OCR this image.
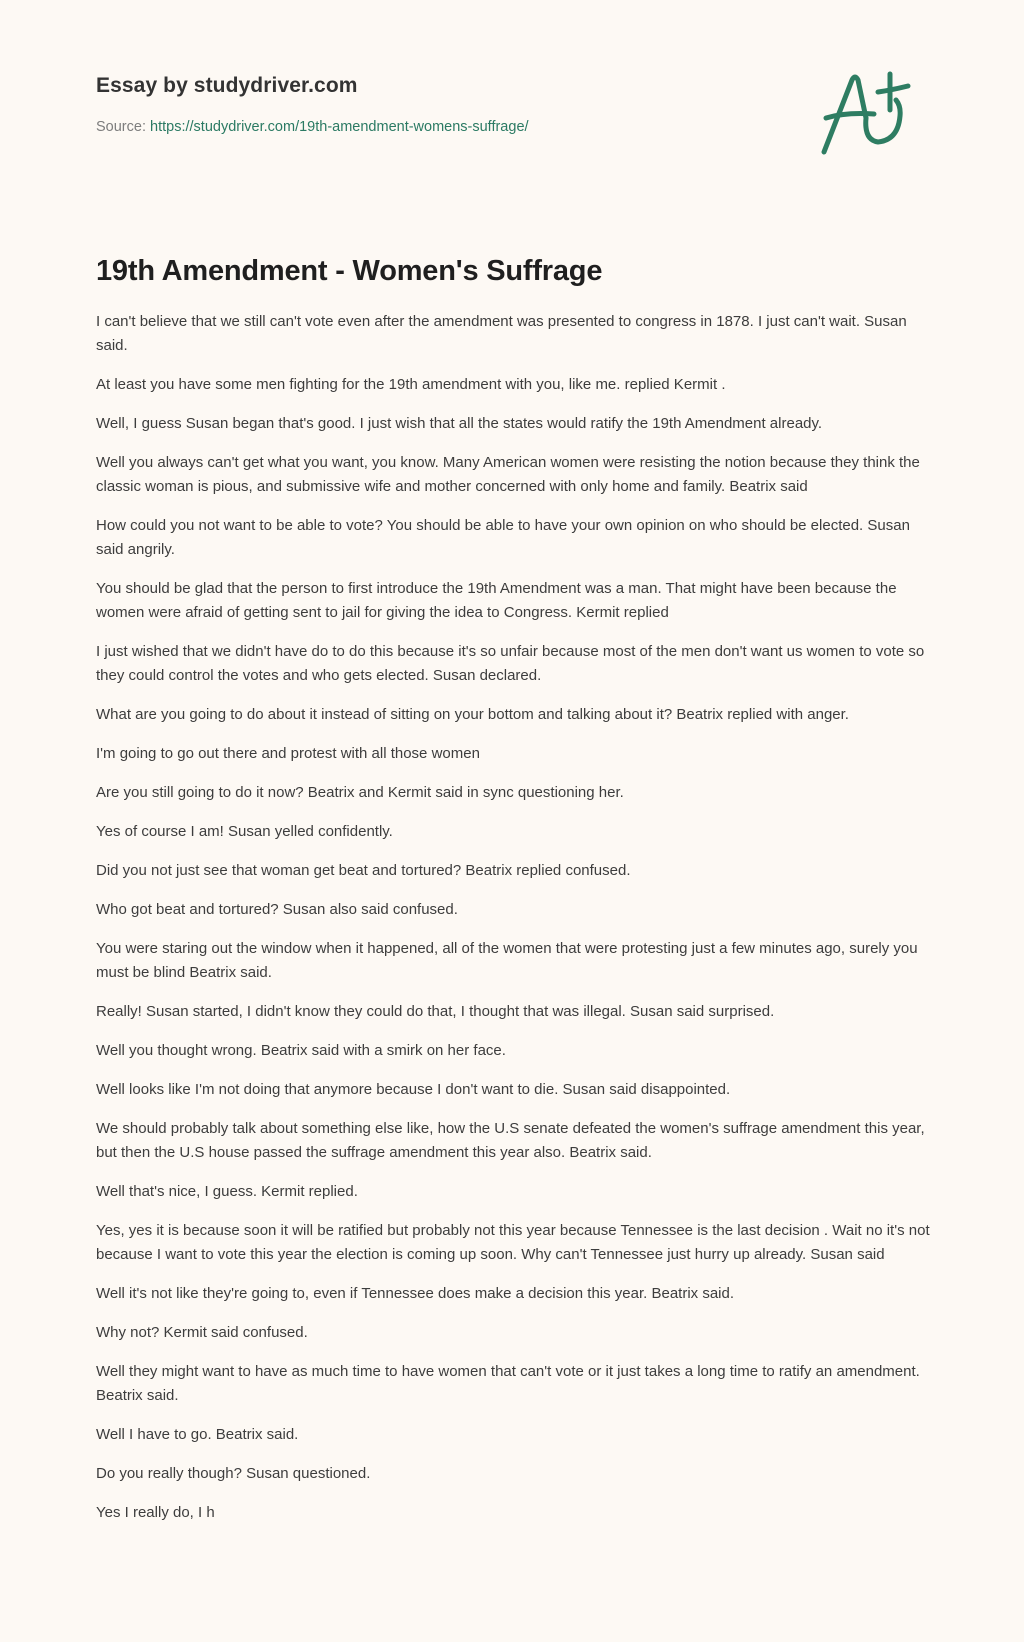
Essay by studydriver.com
Source: https://studydriver.com/19th-amendment-womens-suffrage/
19th Amendment - Women's Suffrage

I can't believe that we still can't vote even after the amendment was presented to congress in 1878. I just can't wait. Susan said.

At least you have some men fighting for the 19th amendment with you, like me. replied Kermit .

Well, I guess Susan began that's good. I just wish that all the states would ratify the 19th Amendment already.

Well you always can't get what you want, you know. Many American women were resisting the notion because they think the classic woman is pious, and submissive wife and mother concerned with only home and family. Beatrix said

How could you not want to be able to vote? You should be able to have your own opinion on who should be elected. Susan said angrily.

You should be glad that the person to first introduce the 19th Amendment was a man. That might have been because the women were afraid of getting sent to jail for giving the idea to Congress. Kermit replied

I just wished that we didn't have do to do this because it's so unfair because most of the men don't want us women to vote so they could control the votes and who gets elected. Susan declared.

What are you going to do about it instead of sitting on your bottom and talking about it? Beatrix replied with anger.

I'm going to go out there and protest with all those women

Are you still going to do it now? Beatrix and Kermit said in sync questioning her.

Yes of course I am! Susan yelled confidently.

Did you not just see that woman get beat and tortured? Beatrix replied confused.

Who got beat and tortured? Susan also said confused.

You were staring out the window when it happened, all of the women that were protesting just a few minutes ago, surely you must be blind Beatrix said.

Really! Susan started, I didn't know they could do that, I thought that was illegal. Susan said surprised.

Well you thought wrong. Beatrix said with a smirk on her face.

Well looks like I'm not doing that anymore because I don't want to die. Susan said disappointed.

We should probably talk about something else like, how the U.S senate defeated the women's suffrage amendment this year, but then the U.S house passed the suffrage amendment this year also. Beatrix said.

Well that's nice, I guess. Kermit replied.

Yes, yes it is because soon it will be ratified but probably not this year because Tennessee is the last decision . Wait no it's not because I want to vote this year the election is coming up soon. Why can't Tennessee just hurry up already. Susan said

Well it's not like they're going to, even if Tennessee does make a decision this year. Beatrix said.

Why not? Kermit said confused.

Well they might want to have as much time to have women that can't vote or it just takes a long time to ratify an amendment. Beatrix said.

Well I have to go. Beatrix said.

Do you really though? Susan questioned.

Yes I really do, I h
